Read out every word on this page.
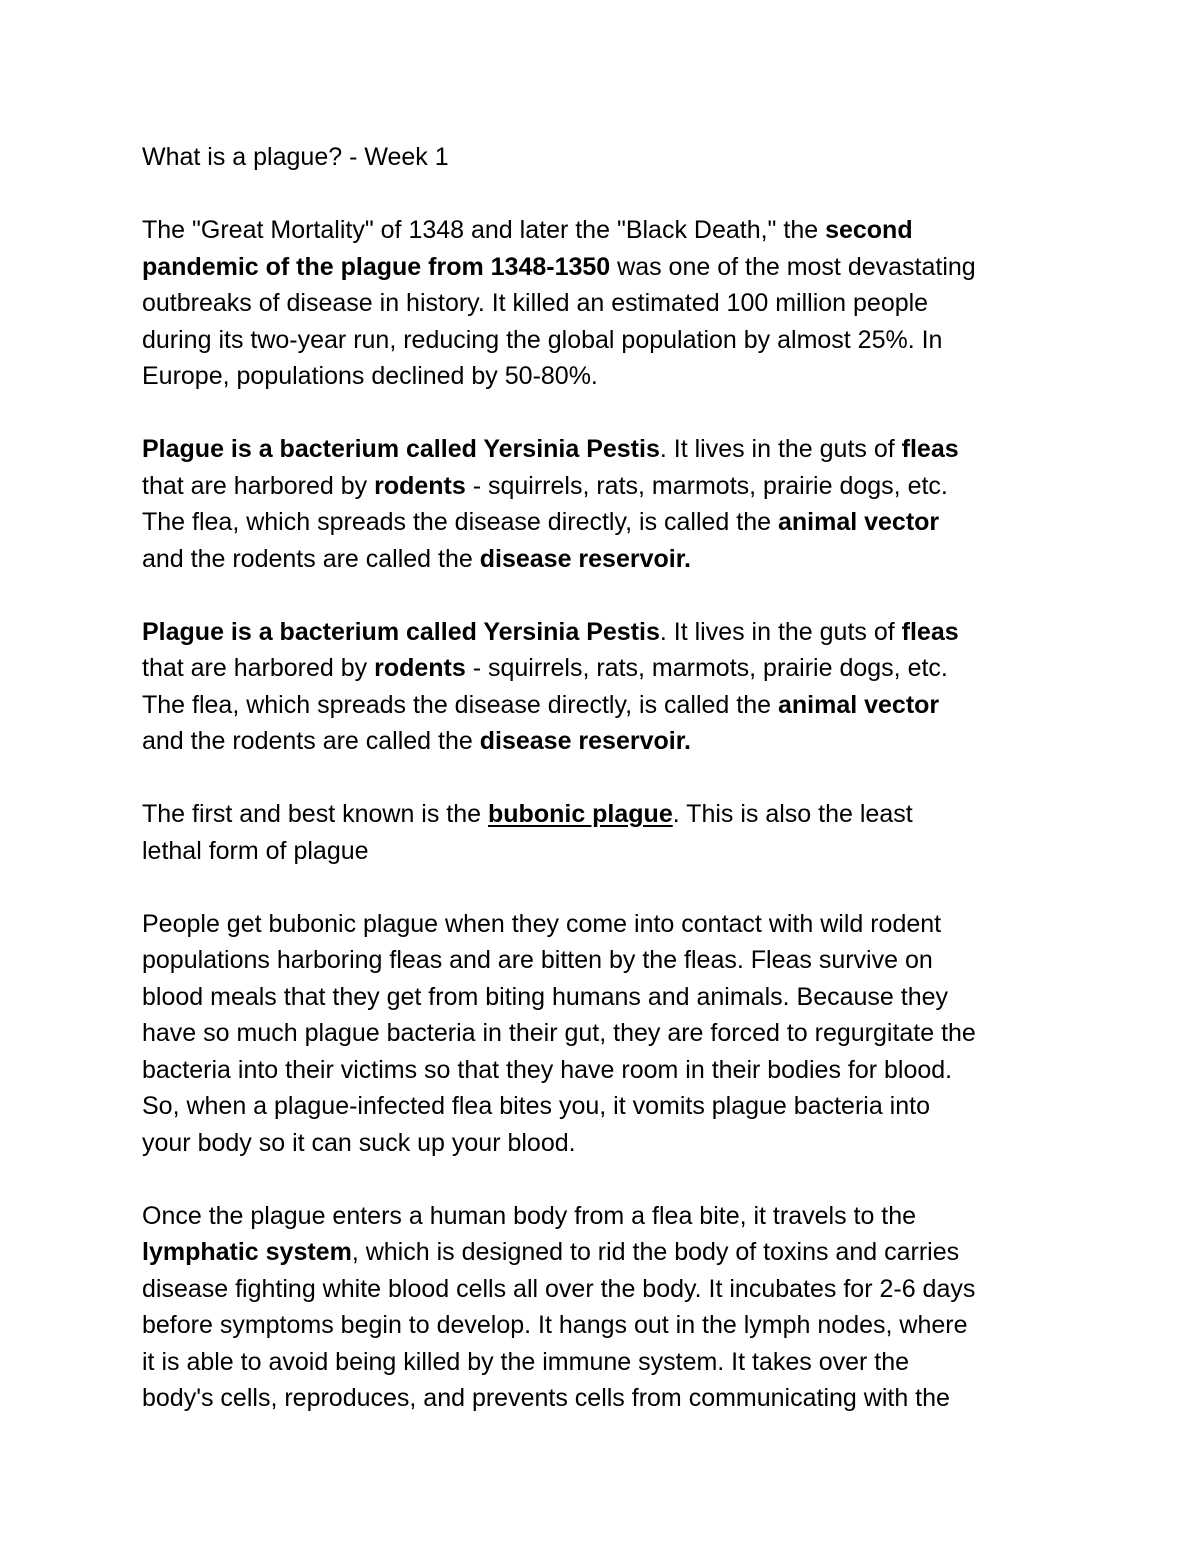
What is a plague? - Week 1

The "Great Mortality" of 1348 and later the "Black Death," the second
pandemic of the plague from 1348-1350 was one of the most devastating
outbreaks of disease in history. It killed an estimated 100 million people
during its two-year run, reducing the global population by almost 25%. In
Europe, populations declined by 50-80%.
Plague is a bacterium called Yersinia Pestis. It lives in the guts of fleas
that are harbored by rodents - squirrels, rats, marmots, prairie dogs, etc.
The flea, which spreads the disease directly, is called the animal vector
and the rodents are called the disease reservoir.
Plague is a bacterium called Yersinia Pestis. It lives in the guts of fleas
that are harbored by rodents - squirrels, rats, marmots, prairie dogs, etc.
The flea, which spreads the disease directly, is called the animal vector
and the rodents are called the disease reservoir.
The first and best known is the bubonic plague. This is also the least
lethal form of plague
People get bubonic plague when they come into contact with wild rodent
populations harboring fleas and are bitten by the fleas. Fleas survive on
blood meals that they get from biting humans and animals. Because they
have so much plague bacteria in their gut, they are forced to regurgitate the
bacteria into their victims so that they have room in their bodies for blood.
So, when a plague-infected flea bites you, it vomits plague bacteria into
your body so it can suck up your blood.
Once the plague enters a human body from a flea bite, it travels to the
lymphatic system, which is designed to rid the body of toxins and carries
disease fighting white blood cells all over the body. It incubates for 2-6 days
before symptoms begin to develop. It hangs out in the lymph nodes, where
it is able to avoid being killed by the immune system. It takes over the
body's cells, reproduces, and prevents cells from communicating with the
